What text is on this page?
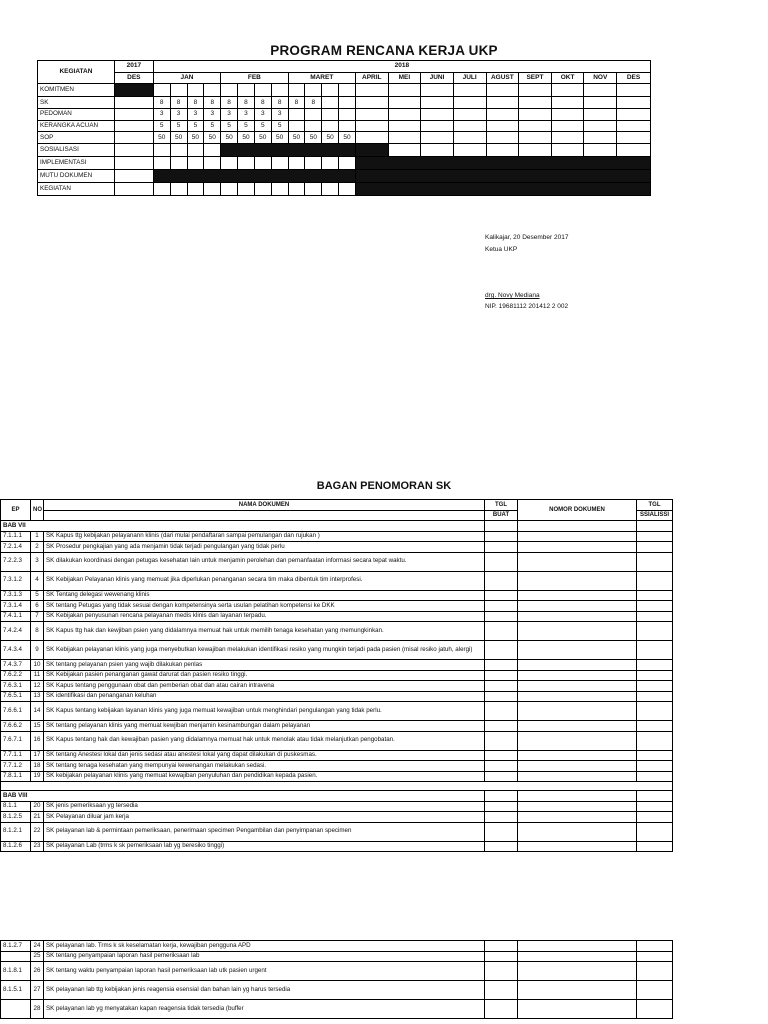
PROGRAM RENCANA KERJA UKP
KEGIATAN	2017	2018																				
	DES	JAN				FEB				MARET				APRIL	MEI	JUNI	JULI	AGUST	SEPT	OKT	NOV	DES
KOMITMEN																						
SK		8	8	8	8	8	8	8	8	8	8											
PEDOMAN		3	3	3	3	3	3	3	3													
KERANGKA ACUAN		5	5	5	5	5	5	5	5													
SOP		50	50	50	50	50	50	50	50	50	50	50	50									
SOSIALISASI																						
IMPLEMENTASI																						
MUTU DOKUMEN																						
KEGIATAN																						
Kalikajar, 20 Desember 2017
Ketua UKP
drg. Novy Mediana
NIP. 19681112 201412 2 002
BAGAN PENOMORAN SK
EP	NO	NAMA DOKUMEN	TGL	NOMOR DOKUMEN	TGL
			BUAT		SSIALISSI
BAB VII					
7.1.1.1	1	SK Kapus ttg kebijakan pelayanann klinis (dari mulai pendaftaran sampai pemulangan dan rujukan )			
7.2.1.4	2	SK Prosedur pengkajian yang ada menjamin tidak terjadi pengulangan yang tidak perlu			
7.2.2.3	3	SK dilakukan koordinasi dengan petugas kesehatan lain untuk menjamin perolehan dan pemanfaatan informasi secara tepat waktu.			
7.3.1.2	4	SK Kebijakan Pelayanan klinis yang memuat jika diperlukan penanganan secara tim maka dibentuk tim interprofesi.			
7.3.1.3	5	SK Tentang delegasi wewenang klinis			
7.3.1.4	6	SK tentang Petugas yang tidak sesuai dengan kompetensinya serta usulan pelatihan kompetensi ke DKK			
7.4.1.1	7	SK Kebijakan penyusunan rencana pelayanan medis klinis dan layanan terpadu.			
7.4.2.4	8	SK Kapus ttg hak dan kewjiban psien yang didalamnya memuat hak untuk memilih tenaga kesehatan yang memungkinkan.			
7.4.3.4	9	SK Kebijakan pelayanan klinis yang juga menyebutkan kewajiban melakukan identifikasi resiko yang mungkin terjadi pada pasien (misal resiko jatuh, alergi)			
7.4.3.7	10	SK tentang pelayanan psien yang wajib dilakukan penlas			
7.6.2.2	11	SK Kebijakan pasien penanganan gawat darurat dan pasien resiko tinggi.			
7.6.3.1	12	SK Kapus tentang penggunaan obat dan pemberian obat dan atau cairan intravena			
7.6.5.1	13	SK identifikasi dan penanganan keluhan			
7.6.6.1	14	SK Kapus tentang kebijakan layanan klinis yang juga memuat kewajiban untuk menghindari pengulangan yang tidak perlu.			
7.6.6.2	15	SK tentang pelayanan klinis yang memuat kewjiban menjamin kesinambungan dalam pelayanan			
7.6.7.1	16	SK Kapus tentang hak dan kewajiban pasien yang didalamnya memuat hak untuk menolak atau tidak melanjutkan pengobatan.			
7.7.1.1	17	SK tentang Anestesi lokal dan jenis sedasi atau anestesi lokal yang dapat dilakukan di puskesmas.			
7.7.1.2	18	SK tentang tenaga kesehatan yang mempunyai kewenangan melakukan sedasi.			
7.8.1.1	19	SK kebijakan pelayanan klinis yang memuat kewajiban penyuluhan dan pendidikan kepada pasien.			

BAB VIII					
8.1.1	20	SK jenis pemeriksaan yg tersedia			
8.1.2.5	21	SK Pelayanan diluar jam kerja			
8.1.2.1	22	SK pelayanan lab & permintaan pemeriksaan, penerimaan specimen Pengambilan dan penyimpanan specimen			
8.1.2.6	23	SK pelayanan Lab (trms k sk pemeriksaan lab yg beresiko tinggi)			
8.1.2.7	24	SK pelayanan lab. Trms k sk keselamatan kerja, kewajiban pengguna APD			
	25	SK tentang penyampaian laporan hasil pemeriksaan lab			
8.1.8.1	26	SK tentang waktu penyampaian laporan hasil pemeriksaan lab utk pasien urgent			
8.1.5.1	27	SK pelayanan lab ttg kebijakan jenis reagensia esensial dan bahan lain yg harus tersedia			
	28	SK pelayanan lab yg menyatakan kapan reagensia tidak tersedia (buffer			
